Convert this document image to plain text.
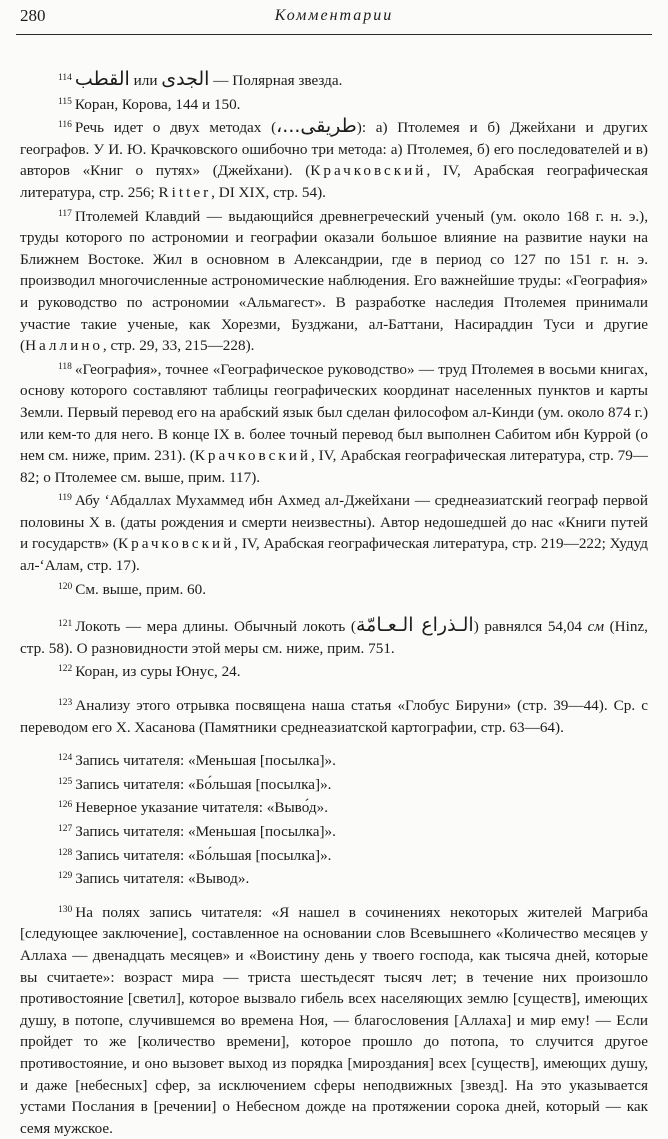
280	Комментарии

$^{114}$ القطب или الجدى — Полярная звезда.

$^{115}$ Коран, Корова, 144 и 150.

$^{116}$ Речь идет о двух методах (طريقى...،): а) Птолемея и б) Джейхани и других географов. У И. Ю. Крачковского ошибочно три метода: а) Птолемея, б) его последователей и в) авторов «Книг о путях» (Джейхани). (Крачковский, IV, Арабская географическая литература, стр. 256; Ritter, DI XIX, стр. 54).

$^{117}$ Птолемей Клавдий — выдающийся древнегреческий ученый (ум. около 168 г. н. э.), труды которого по астрономии и географии оказали большое влияние на развитие науки на Ближнем Востоке. Жил в основном в Александрии, где в период со 127 по 151 г. н. э. производил многочисленные астрономические наблюдения. Его важнейшие труды: «География» и руководство по астрономии «Альмагест». В разработке наследия Птолемея принимали участие такие ученые, как Хорезми, Бузджани, ал-Баттани, Насираддин Туси и другие (Наллино, стр. 29, 33, 215—228).

$^{118}$ «География», точнее «Географическое руководство» — труд Птолемея в восьми книгах, основу которого составляют таблицы географических координат населенных пунктов и карты Земли. Первый перевод его на арабский язык был сделан философом ал-Кинди (ум. около 874 г.) или кем-то для него. В конце IX в. более точный перевод был выполнен Сабитом ибн Куррой (о нем см. ниже, прим. 231). (Крачковский, IV, Арабская географическая литература, стр. 79—82; о Птолемее см. выше, прим. 117).

$^{119}$ Абу ‘Абдаллах Мухаммед ибн Ахмед ал-Джейхани — среднеазиатский географ первой половины X в. (даты рождения и смерти неизвестны). Автор недошедшей до нас «Книги путей и государств» (Крачковский, IV, Арабская географическая литература, стр. 219—222; Худуд ал-‘Алам, стр. 17).

$^{120}$ См. выше, прим. 60.

$^{121}$ Локоть — мера длины. Обычный локоть (الـذراع الـعـامّة) равнялся 54,04 см (Hinz, стр. 58). О разновидности этой меры см. ниже, прим. 751.

$^{122}$ Коран, из суры Юнус, 24.

$^{123}$ Анализу этого отрывка посвящена наша статья «Глобус Бируни» (стр. 39—44). Ср. с переводом его Х. Хасанова (Памятники среднеазиатской картографии, стр. 63—64).

$^{124}$ Запись читателя: «Меньшая [посылка]».

$^{125}$ Запись читателя: «Бо́льшая [посылка]».

$^{126}$ Неверное указание читателя: «Выво́д».

$^{127}$ Запись читателя: «Меньшая [посылка]».

$^{128}$ Запись читателя: «Бо́льшая [посылка]».

$^{129}$ Запись читателя: «Вывод».

$^{130}$ На полях запись читателя: «Я нашел в сочинениях некоторых жителей Магриба [следующее заключение], составленное на основании слов Всевышнего «Количество месяцев у Аллаха — двенадцать месяцев» и «Воистину день у твоего господа, как тысяча дней, которые вы считаете»: возраст мира — триста шестьдесят тысяч лет; в течение них произошло противостояние [светил], которое вызвало гибель всех населяющих землю [существ], имеющих душу, в потопе, случившемся во времена Ноя, — благословения [Аллаха] и мир ему! — Если пройдет то же [количество времени], которое прошло до потопа, то случится другое противостояние, и оно вызовет выход из порядка [мироздания] всех [существ], имеющих душу, и даже [небесных] сфер, за исключением сферы неподвижных [звезд]. На это указывается устами Послания в [речении] о Небесном дожде на протяжении сорока дней, который — как семя мужское.
